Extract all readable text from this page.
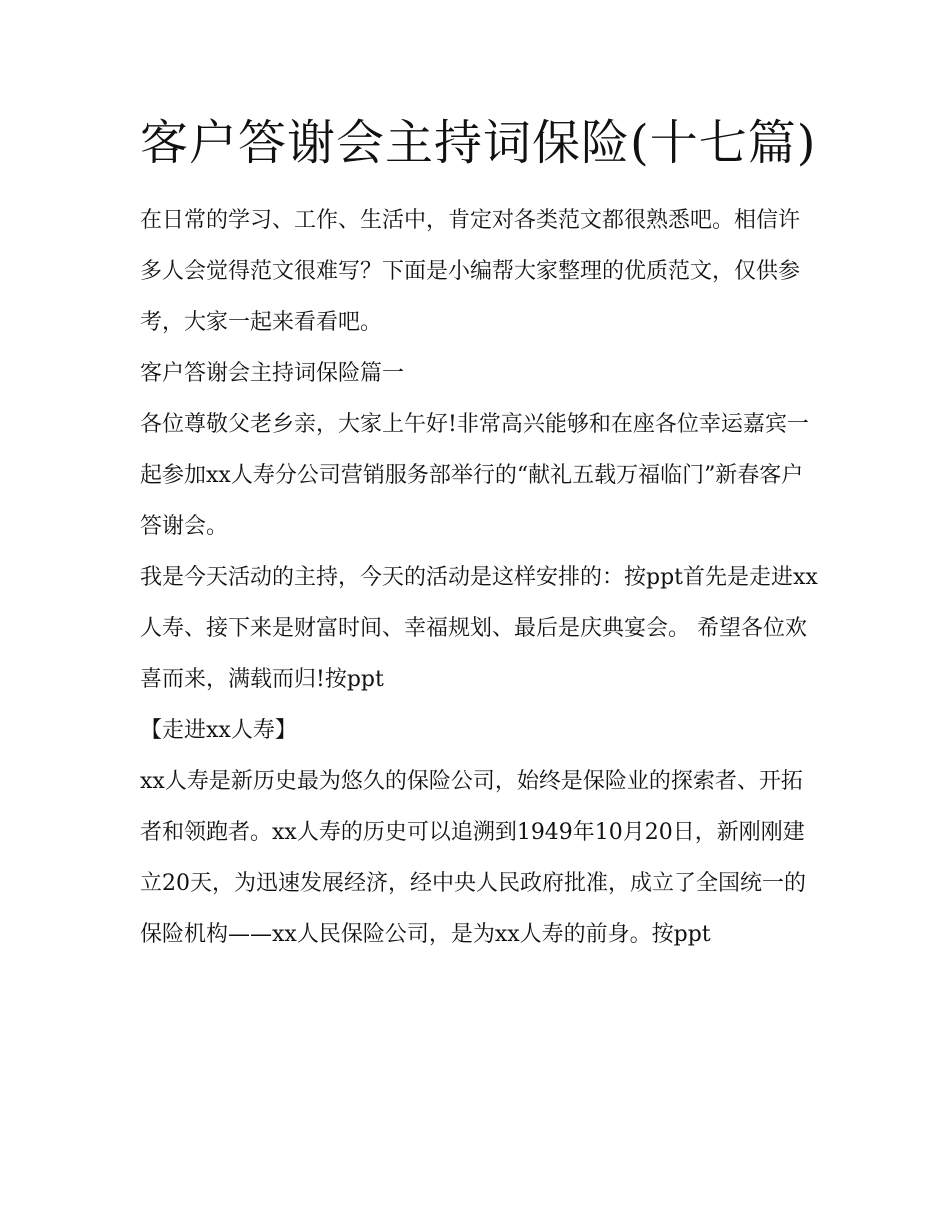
客户答谢会主持词保险(十七篇)

在日常的学习、工作、生活中，肯定对各类范文都很熟悉吧。相信许多人会觉得范文很难写？下面是小编帮大家整理的优质范文，仅供参考，大家一起来看看吧。

客户答谢会主持词保险篇一

各位尊敬父老乡亲，大家上午好!非常高兴能够和在座各位幸运嘉宾一起参加xx人寿分公司营销服务部举行的“献礼五载万福临门”新春客户答谢会。

我是今天活动的主持，今天的活动是这样安排的：按ppt首先是走进xx人寿、接下来是财富时间、幸福规划、最后是庆典宴会。 希望各位欢喜而来，满载而归!按ppt

【走进xx人寿】

xx人寿是新历史最为悠久的保险公司，始终是保险业的探索者、开拓者和领跑者。xx人寿的历史可以追溯到1949年10月20日，新刚刚建立20天，为迅速发展经济，经中央人民政府批准，成立了全国统一的保险机构——xx人民保险公司，是为xx人寿的前身。按ppt
